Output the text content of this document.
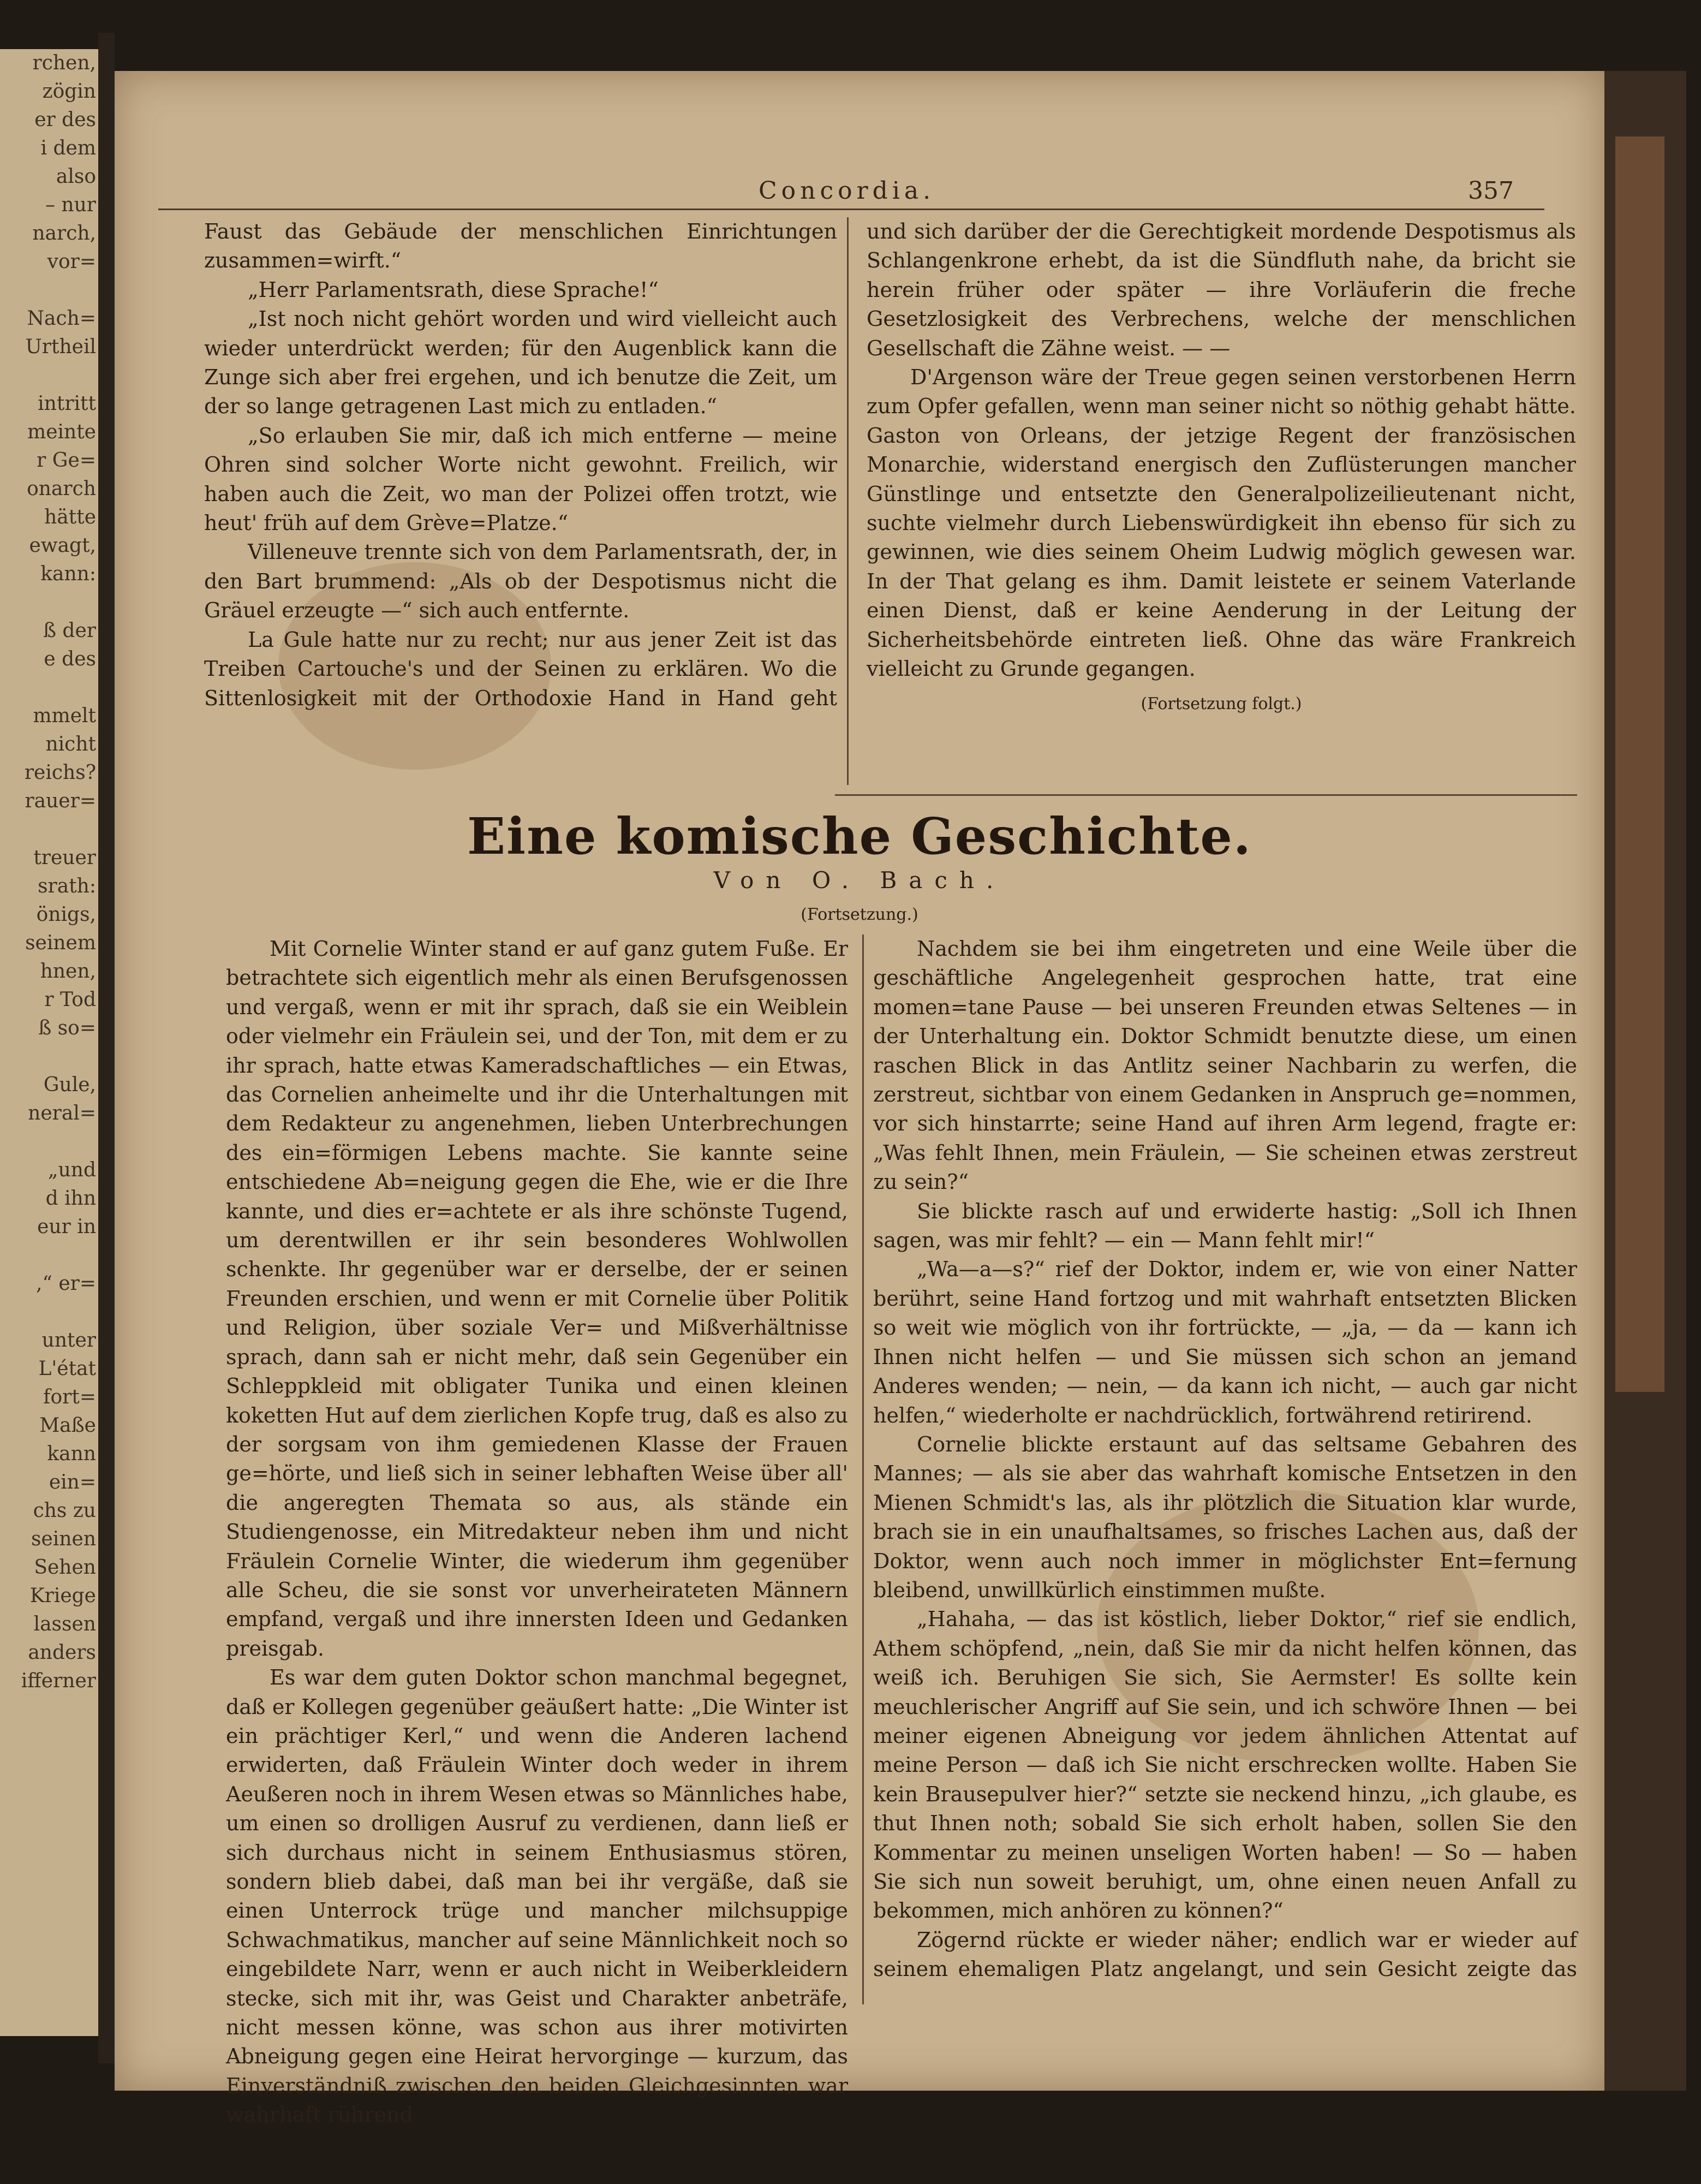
rchen,
zögin
er des
i dem
also
– nur
narch,
vor=

Nach=
Urtheil

intritt
meinte
r Ge=
onarch
hätte
ewagt,
kann:

ß der
e des

mmelt
nicht
reichs?
rauer=

treuer
srath:
önigs,
seinem
hnen,
r Tod
ß so=

Gule,
neral=

„und
d ihn
eur in

,“ er=

unter
L'état
fort=
Maße
kann
ein=
chs zu
seinen
Sehen
Kriege
lassen
anders
ifferner
Concordia.	357

Faust das Gebäude der menschlichen Einrichtungen zusammen=wirft.“

„Herr Parlamentsrath, diese Sprache!“

„Ist noch nicht gehört worden und wird vielleicht auch wieder unterdrückt werden; für den Augenblick kann die Zunge sich aber frei ergehen, und ich benutze die Zeit, um der so lange getragenen Last mich zu entladen.“

„So erlauben Sie mir, daß ich mich entferne — meine Ohren sind solcher Worte nicht gewohnt. Freilich, wir haben auch die Zeit, wo man der Polizei offen trotzt, wie heut' früh auf dem Grève=Platze.“

Villeneuve trennte sich von dem Parlamentsrath, der, in den Bart brummend: „Als ob der Despotismus nicht die Gräuel erzeugte —“ sich auch entfernte.

La Gule hatte nur zu recht; nur aus jener Zeit ist das Treiben Cartouche's und der Seinen zu erklären. Wo die Sittenlosigkeit mit der Orthodoxie Hand in Hand geht

und sich darüber der die Gerechtigkeit mordende Despotismus als Schlangenkrone erhebt, da ist die Sündfluth nahe, da bricht sie herein früher oder später — ihre Vorläuferin die freche Gesetzlosigkeit des Verbrechens, welche der menschlichen Gesellschaft die Zähne weist. — —

D'Argenson wäre der Treue gegen seinen verstorbenen Herrn zum Opfer gefallen, wenn man seiner nicht so nöthig gehabt hätte. Gaston von Orleans, der jetzige Regent der französischen Monarchie, widerstand energisch den Zuflüsterungen mancher Günstlinge und entsetzte den Generalpolizeilieutenant nicht, suchte vielmehr durch Liebenswürdigkeit ihn ebenso für sich zu gewinnen, wie dies seinem Oheim Ludwig möglich gewesen war. In der That gelang es ihm. Damit leistete er seinem Vaterlande einen Dienst, daß er keine Aenderung in der Leitung der Sicherheitsbehörde eintreten ließ. Ohne das wäre Frankreich vielleicht zu Grunde gegangen.

(Fortsetzung folgt.)

Eine komische Geschichte.
Von O. Bach.
(Fortsetzung.)

Mit Cornelie Winter stand er auf ganz gutem Fuße. Er betrachtete sich eigentlich mehr als einen Berufsgenossen und vergaß, wenn er mit ihr sprach, daß sie ein Weiblein oder vielmehr ein Fräulein sei, und der Ton, mit dem er zu ihr sprach, hatte etwas Kameradschaftliches — ein Etwas, das Cornelien anheimelte und ihr die Unterhaltungen mit dem Redakteur zu angenehmen, lieben Unterbrechungen des ein=förmigen Lebens machte. Sie kannte seine entschiedene Ab=neigung gegen die Ehe, wie er die Ihre kannte, und dies er=achtete er als ihre schönste Tugend, um derentwillen er ihr sein besonderes Wohlwollen schenkte. Ihr gegenüber war er derselbe, der er seinen Freunden erschien, und wenn er mit Cornelie über Politik und Religion, über soziale Ver= und Mißverhältnisse sprach, dann sah er nicht mehr, daß sein Gegenüber ein Schleppkleid mit obligater Tunika und einen kleinen koketten Hut auf dem zierlichen Kopfe trug, daß es also zu der sorgsam von ihm gemiedenen Klasse der Frauen ge=hörte, und ließ sich in seiner lebhaften Weise über all' die angeregten Themata so aus, als stände ein Studiengenosse, ein Mitredakteur neben ihm und nicht Fräulein Cornelie Winter, die wiederum ihm gegenüber alle Scheu, die sie sonst vor unverheirateten Männern empfand, vergaß und ihre innersten Ideen und Gedanken preisgab.

Es war dem guten Doktor schon manchmal begegnet, daß er Kollegen gegenüber geäußert hatte: „Die Winter ist ein prächtiger Kerl,“ und wenn die Anderen lachend erwiderten, daß Fräulein Winter doch weder in ihrem Aeußeren noch in ihrem Wesen etwas so Männliches habe, um einen so drolligen Ausruf zu verdienen, dann ließ er sich durchaus nicht in seinem Enthusiasmus stören, sondern blieb dabei, daß man bei ihr vergäße, daß sie einen Unterrock trüge und mancher milchsuppige Schwachmatikus, mancher auf seine Männlichkeit noch so eingebildete Narr, wenn er auch nicht in Weiberkleidern stecke, sich mit ihr, was Geist und Charakter anbeträfe, nicht messen könne, was schon aus ihrer motivirten Abneigung gegen eine Heirat hervorginge — kurzum, das Einverständniß zwischen den beiden Gleichgesinnten war wahrhaft rührend

Nachdem sie bei ihm eingetreten und eine Weile über die geschäftliche Angelegenheit gesprochen hatte, trat eine momen=tane Pause — bei unseren Freunden etwas Seltenes — in der Unterhaltung ein. Doktor Schmidt benutzte diese, um einen raschen Blick in das Antlitz seiner Nachbarin zu werfen, die zerstreut, sichtbar von einem Gedanken in Anspruch ge=nommen, vor sich hinstarrte; seine Hand auf ihren Arm legend, fragte er: „Was fehlt Ihnen, mein Fräulein, — Sie scheinen etwas zerstreut zu sein?“

Sie blickte rasch auf und erwiderte hastig: „Soll ich Ihnen sagen, was mir fehlt? — ein — Mann fehlt mir!“

„Wa—a—s?“ rief der Doktor, indem er, wie von einer Natter berührt, seine Hand fortzog und mit wahrhaft entsetzten Blicken so weit wie möglich von ihr fortrückte, — „ja, — da — kann ich Ihnen nicht helfen — und Sie müssen sich schon an jemand Anderes wenden; — nein, — da kann ich nicht, — auch gar nicht helfen,“ wiederholte er nachdrücklich, fortwährend retirirend.

Cornelie blickte erstaunt auf das seltsame Gebahren des Mannes; — als sie aber das wahrhaft komische Entsetzen in den Mienen Schmidt's las, als ihr plötzlich die Situation klar wurde, brach sie in ein unaufhaltsames, so frisches Lachen aus, daß der Doktor, wenn auch noch immer in möglichster Ent=fernung bleibend, unwillkürlich einstimmen mußte.

„Hahaha, — das ist köstlich, lieber Doktor,“ rief sie endlich, Athem schöpfend, „nein, daß Sie mir da nicht helfen können, das weiß ich. Beruhigen Sie sich, Sie Aermster! Es sollte kein meuchlerischer Angriff auf Sie sein, und ich schwöre Ihnen — bei meiner eigenen Abneigung vor jedem ähnlichen Attentat auf meine Person — daß ich Sie nicht erschrecken wollte. Haben Sie kein Brausepulver hier?“ setzte sie neckend hinzu, „ich glaube, es thut Ihnen noth; sobald Sie sich erholt haben, sollen Sie den Kommentar zu meinen unseligen Worten haben! — So — haben Sie sich nun soweit beruhigt, um, ohne einen neuen Anfall zu bekommen, mich anhören zu können?“

Zögernd rückte er wieder näher; endlich war er wieder auf seinem ehemaligen Platz angelangt, und sein Gesicht zeigte das
